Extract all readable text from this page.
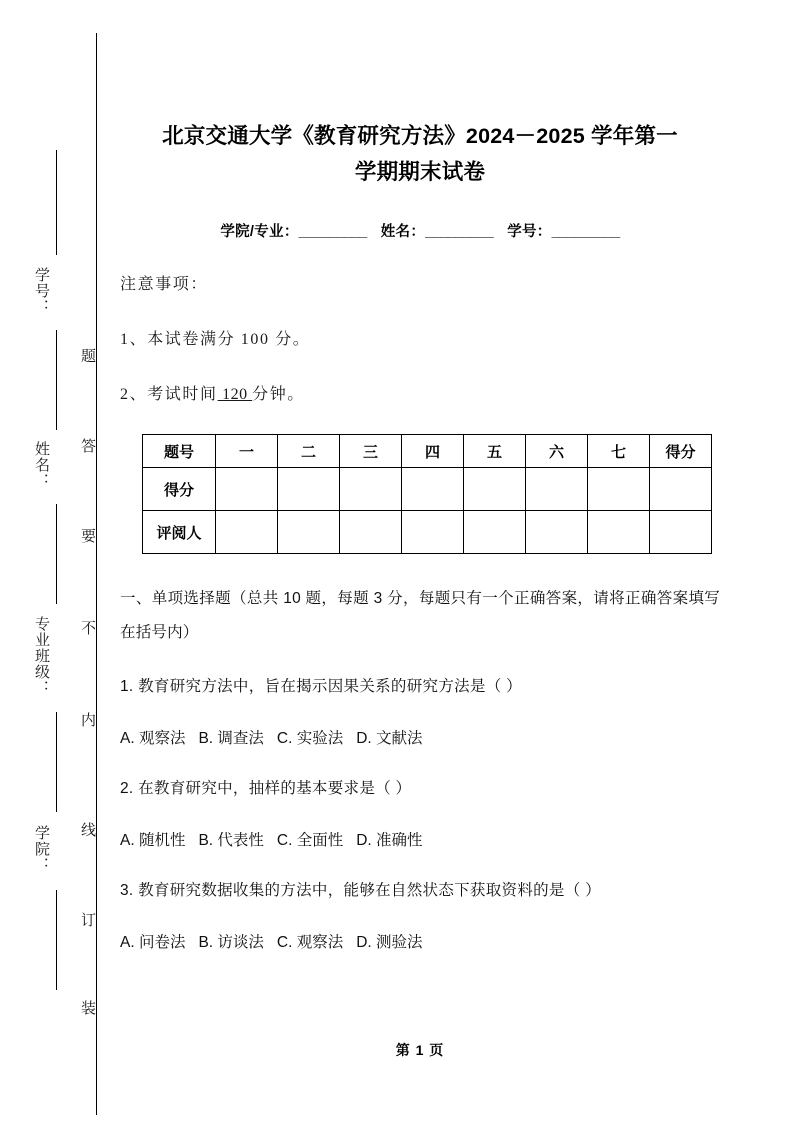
题
答
要
不
内
线
订
装
学号：
姓名：
专业班级：
学院：
北京交通大学《教育研究方法》2024－2025 学年第一
学期期末试卷
学院/专业：_________ 姓名：_________ 学号：_________

注意事项：

1、本试卷满分 100 分。

2、考试时间 120 分钟。

题号	一	二	三	四	五	六	七	得分
得分								
评阅人								

一、单项选择题（总共 10 题，每题 3 分，每题只有一个正确答案，请将正确答案填写在括号内）

1. 教育研究方法中，旨在揭示因果关系的研究方法是（ ）

A. 观察法 B. 调查法 C. 实验法 D. 文献法

2. 在教育研究中，抽样的基本要求是（ ）

A. 随机性 B. 代表性 C. 全面性 D. 准确性

3. 教育研究数据收集的方法中，能够在自然状态下获取资料的是（ ）

A. 问卷法 B. 访谈法 C. 观察法 D. 测验法

第 1 页
